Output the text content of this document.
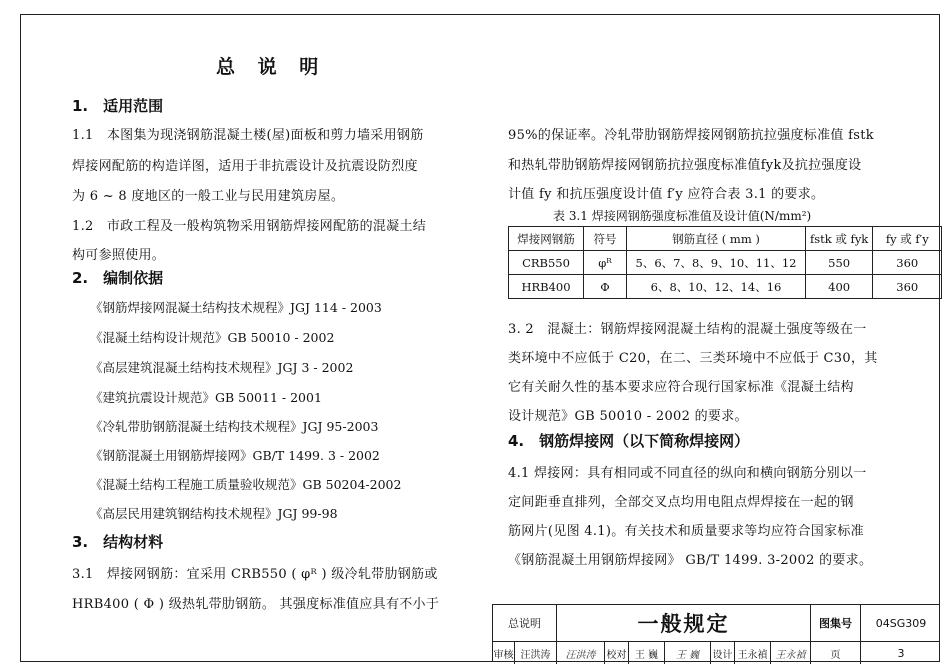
总 说 明
1.　适用范围
1.1　本图集为现浇钢筋混凝土楼(屋)面板和剪力墙采用钢筋
焊接网配筋的构造详图，适用于非抗震设计及抗震设防烈度
为 6 ~ 8 度地区的一般工业与民用建筑房屋。
1.2　市政工程及一般构筑物采用钢筋焊接网配筋的混凝土结
构可参照使用。
2.　编制依据
《钢筋焊接网混凝土结构技术规程》JGJ 114 - 2003
《混凝土结构设计规范》GB 50010 - 2002
《高层建筑混凝土结构技术规程》JGJ 3 - 2002
《建筑抗震设计规范》GB 50011 - 2001
《冷轧带肋钢筋混凝土结构技术规程》JGJ 95-2003
《钢筋混凝土用钢筋焊接网》GB/T 1499. 3 - 2002
《混凝土结构工程施工质量验收规范》GB 50204-2002
《高层民用建筑钢结构技术规程》JGJ 99-98
3.　结构材料
3.1　焊接网钢筋：宜采用 CRB550 ( φᴿ ) 级冷轧带肋钢筋或
HRB400 ( Φ ) 级热轧带肋钢筋。 其强度标准值应具有不小于
95%的保证率。冷轧带肋钢筋焊接网钢筋抗拉强度标准值 fstk
和热轧带肋钢筋焊接网钢筋抗拉强度标准值fyk及抗拉强度设
计值 fy 和抗压强度设计值 f′y 应符合表 3.1 的要求。
表 3.1 焊接网钢筋强度标准值及设计值(N/mm²)
焊接网钢筋	符号	钢筋直径 ( mm )	fstk 或 fyk	fy 或 f′y
CRB550	φᴿ	5、6、7、8、9、10、11、12	550	360
HRB400	Φ	6、8、10、12、14、16	400	360
3. 2　混凝土：钢筋焊接网混凝土结构的混凝土强度等级在一
类环境中不应低于 C20，在二、三类环境中不应低于 C30，其
它有关耐久性的基本要求应符合现行国家标准《混凝土结构
设计规范》GB 50010 - 2002 的要求。
4.　钢筋焊接网（以下简称焊接网）
4.1 焊接网：具有相同或不同直径的纵向和横向钢筋分别以一
定间距垂直排列，全部交叉点均用电阻点焊焊接在一起的钢
筋网片(见图 4.1)。有关技术和质量要求等均应符合国家标准
《钢筋混凝土用钢筋焊接网》 GB/T 1499. 3-2002 的要求。
总说明	一般规定	图集号	04SG309
审核 汪洪涛	汪洪涛	校对 王 巍	王 巍	设计 王永禎 王永禎	页	3
